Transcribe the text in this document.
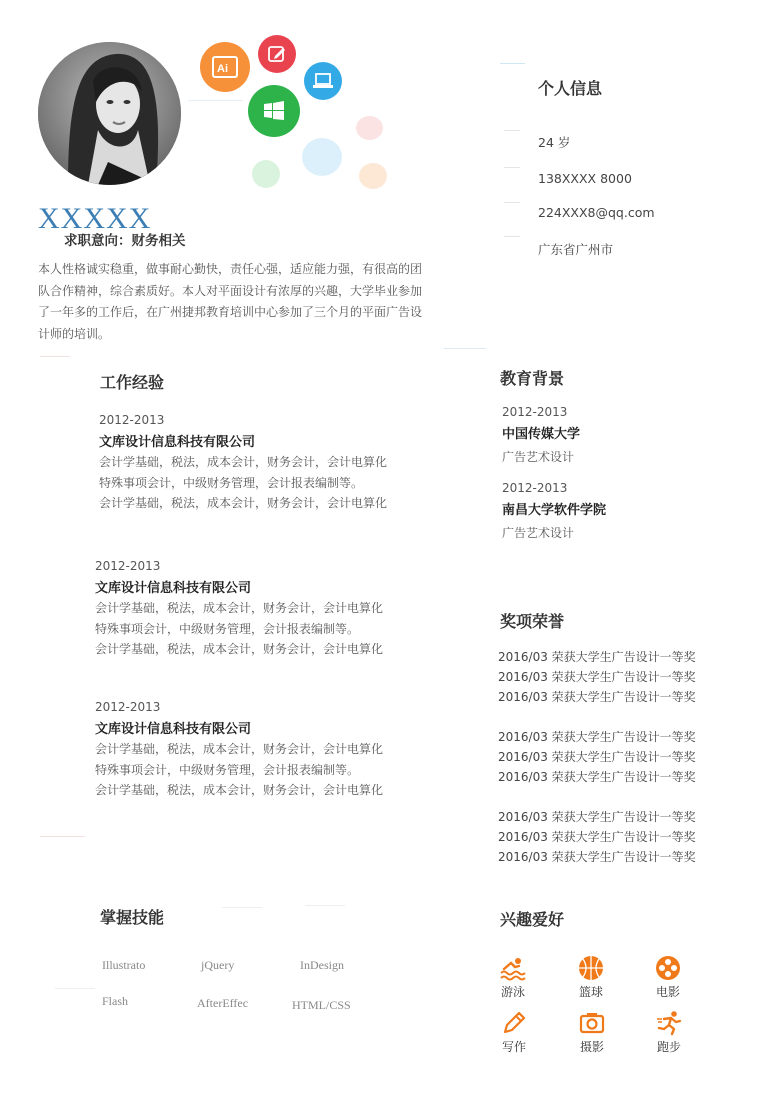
Ai
XXXXX
求职意向：财务相关
本人性格诚实稳重，做事耐心勤快，责任心强，适应能力强，有很高的团队合作精神，综合素质好。本人对平面设计有浓厚的兴趣，大学毕业参加了一年多的工作后，在广州捷邦教育培训中心参加了三个月的平面广告设计师的培训。
个人信息
24 岁
138XXXX 8000
224XXX8@qq.com
广东省广州市
工作经验
2012-2013
文库设计信息科技有限公司
会计学基础，税法，成本会计，财务会计，会计电算化
特殊事项会计，中级财务管理，会计报表编制等。
会计学基础，税法，成本会计，财务会计，会计电算化
2012-2013
文库设计信息科技有限公司
会计学基础，税法，成本会计，财务会计，会计电算化
特殊事项会计，中级财务管理，会计报表编制等。
会计学基础，税法，成本会计，财务会计，会计电算化
2012-2013
文库设计信息科技有限公司
会计学基础，税法，成本会计，财务会计，会计电算化
特殊事项会计，中级财务管理，会计报表编制等。
会计学基础，税法，成本会计，财务会计，会计电算化
教育背景
2012-2013
中国传媒大学
广告艺术设计
2012-2013
南昌大学软件学院
广告艺术设计
奖项荣誉
2016/03 荣获大学生广告设计一等奖
2016/03 荣获大学生广告设计一等奖
2016/03 荣获大学生广告设计一等奖
2016/03 荣获大学生广告设计一等奖
2016/03 荣获大学生广告设计一等奖
2016/03 荣获大学生广告设计一等奖
2016/03 荣获大学生广告设计一等奖
2016/03 荣获大学生广告设计一等奖
2016/03 荣获大学生广告设计一等奖
掌握技能
Illustrato	jQuery	InDesign
Flash	AfterEffec	HTML/CSS
兴趣爱好
游泳	篮球	电影
写作	摄影	跑步
